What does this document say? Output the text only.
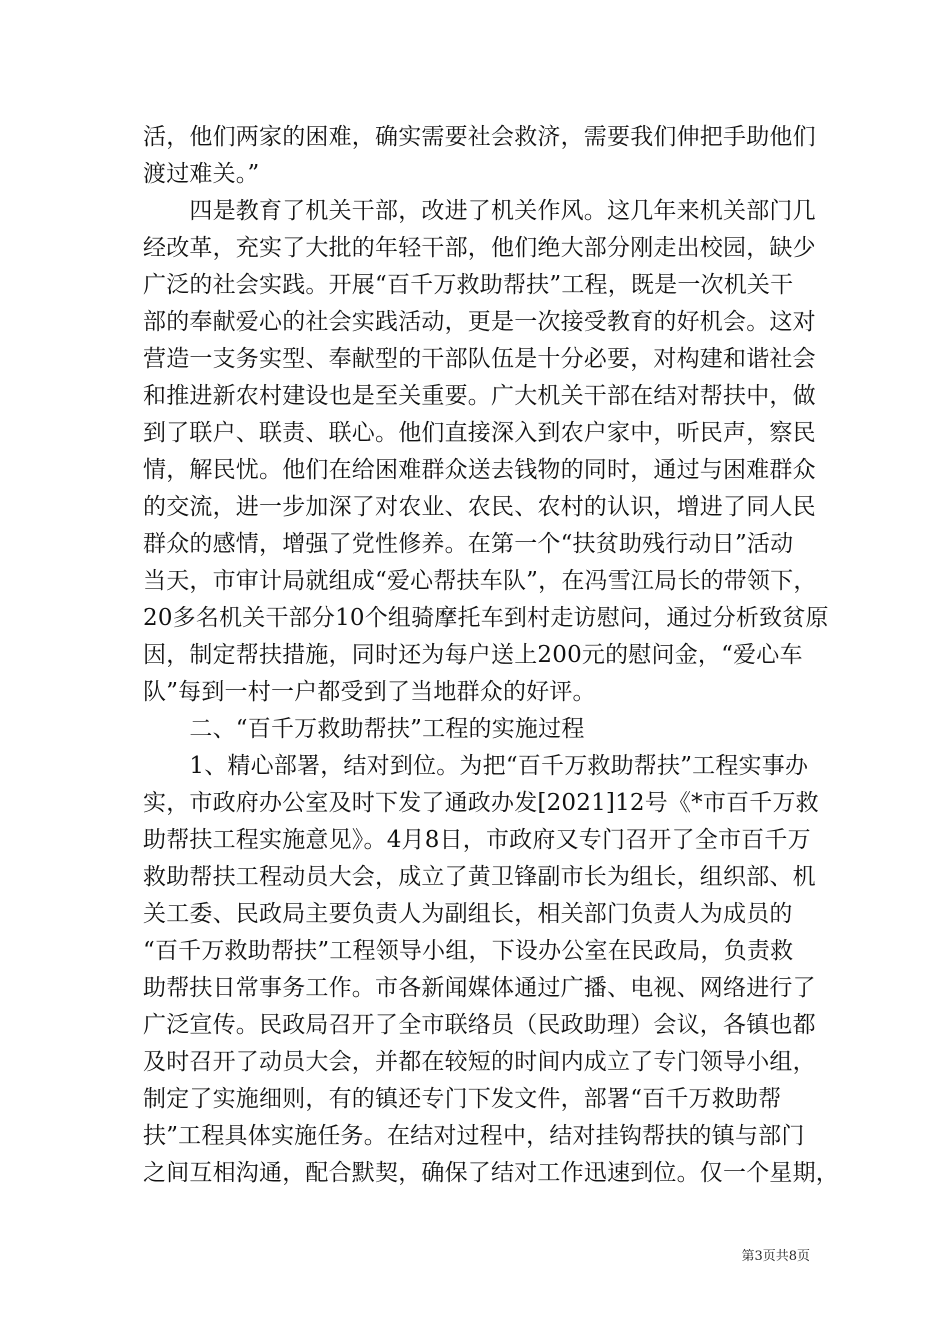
活，他们两家的困难，确实需要社会救济，需要我们伸把手助他们
渡过难关。”
　　四是教育了机关干部，改进了机关作风。这几年来机关部门几
经改革，充实了大批的年轻干部，他们绝大部分刚走出校园，缺少
广泛的社会实践。开展“百千万救助帮扶”工程，既是一次机关干
部的奉献爱心的社会实践活动，更是一次接受教育的好机会。这对
营造一支务实型、奉献型的干部队伍是十分必要，对构建和谐社会
和推进新农村建设也是至关重要。广大机关干部在结对帮扶中，做
到了联户、联责、联心。他们直接深入到农户家中，听民声，察民
情，解民忧。他们在给困难群众送去钱物的同时，通过与困难群众
的交流，进一步加深了对农业、农民、农村的认识，增进了同人民
群众的感情，增强了党性修养。在第一个“扶贫助残行动日”活动
当天，市审计局就组成“爱心帮扶车队”，在冯雪江局长的带领下，
20多名机关干部分10个组骑摩托车到村走访慰问，通过分析致贫原
因，制定帮扶措施，同时还为每户送上200元的慰问金，“爱心车
队”每到一村一户都受到了当地群众的好评。
　　二、“百千万救助帮扶”工程的实施过程
　　1、精心部署，结对到位。为把“百千万救助帮扶”工程实事办
实，市政府办公室及时下发了通政办发[2021]12号《*市百千万救
助帮扶工程实施意见》。4月8日，市政府又专门召开了全市百千万
救助帮扶工程动员大会，成立了黄卫锋副市长为组长，组织部、机
关工委、民政局主要负责人为副组长，相关部门负责人为成员的
“百千万救助帮扶”工程领导小组，下设办公室在民政局，负责救
助帮扶日常事务工作。市各新闻媒体通过广播、电视、网络进行了
广泛宣传。民政局召开了全市联络员（民政助理）会议，各镇也都
及时召开了动员大会，并都在较短的时间内成立了专门领导小组，
制定了实施细则，有的镇还专门下发文件，部署“百千万救助帮
扶”工程具体实施任务。在结对过程中，结对挂钩帮扶的镇与部门
之间互相沟通，配合默契，确保了结对工作迅速到位。仅一个星期，
第3页共8页
